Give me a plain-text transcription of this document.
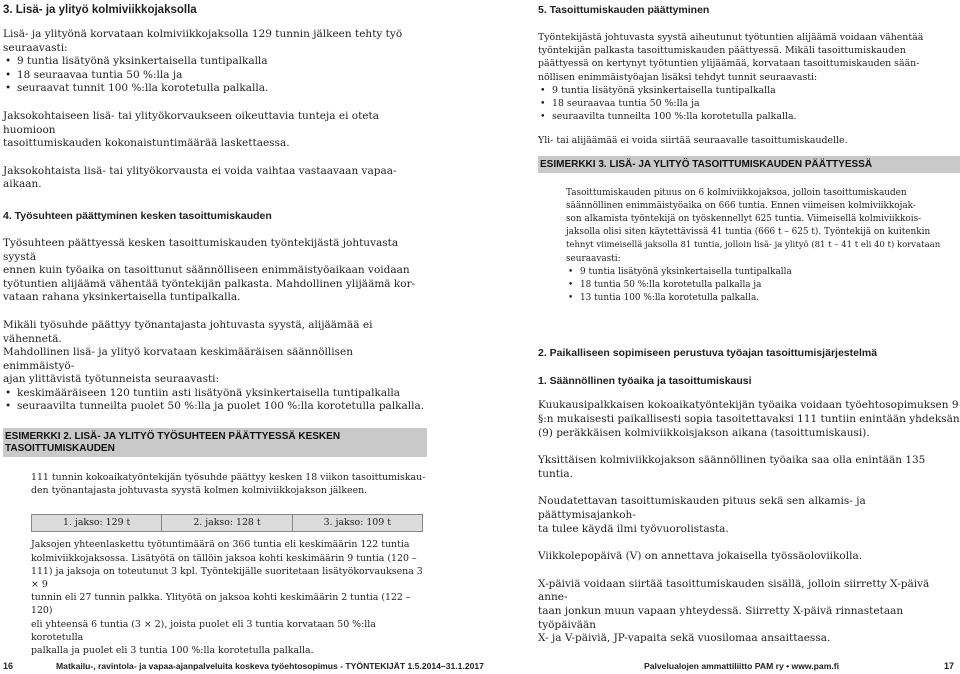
3. Lisä- ja ylityö kolmiviikkojaksolla

Lisä- ja ylityönä korvataan kolmiviikkojaksolla 129 tunnin jälkeen tehty työ

seuraavasti:

• 9 tuntia lisätyönä yksinkertaisella tuntipalkalla
• 18 seuraavaa tuntia 50 %:lla ja
• seuraavat tunnit 100 %:lla korotetulla palkalla.

Jaksokohtaiseen lisä- tai ylityökorvaukseen oikeuttavia tunteja ei oteta huomioon

tasoittumiskauden kokonaistuntimäärää laskettaessa.

Jaksokohtaista lisä- tai ylityökorvausta ei voida vaihtaa vastaavaan vapaa-aikaan.

4. Työsuhteen päättyminen kesken tasoittumiskauden

Työsuhteen päättyessä kesken tasoittumiskauden työntekijästä johtuvasta syystä

ennen kuin työaika on tasoittunut säännölliseen enimmäistyöaikaan voidaan

työtuntien alijäämä vähentää työntekijän palkasta. Mahdollinen ylijäämä kor-

vataan rahana yksinkertaisella tuntipalkalla.

Mikäli työsuhde päättyy työnantajasta johtuvasta syystä, alijäämää ei vähennetä.

Mahdollinen lisä- ja ylityö korvataan keskimääräisen säännöllisen enimmäistyö-

ajan ylittävistä työtunneista seuraavasti:

• keskimääräiseen 120 tuntiin asti lisätyönä yksinkertaisella tuntipalkalla
• seuraavilta tunneilta puolet 50 %:lla ja puolet 100 %:lla korotetulla palkalla.
ESIMERKKI 2. LISÄ- JA YLITYÖ TYÖSUHTEEN PÄÄTTYESSÄ KESKEN
TASOITTUMISKAUDEN

111 tunnin kokoaikatyöntekijän työsuhde päättyy kesken 18 viikon tasoittumiskau-

den työnantajasta johtuvasta syystä kolmen kolmiviikkojakson jälkeen.

1. jakso: 129 t	2. jakso: 128 t	3. jakso: 109 t

Jaksojen yhteenlaskettu työtuntimäärä on 366 tuntia eli keskimäärin 122 tuntia

kolmiviikkojaksossa. Lisätyötä on tällöin jaksoa kohti keskimäärin 9 tuntia (120 –

111) ja jaksoja on toteutunut 3 kpl. Työntekijälle suoritetaan lisätyökorvauksena 3 × 9

tunnin eli 27 tunnin palkka. Ylityötä on jaksoa kohti keskimäärin 2 tuntia (122 – 120)

eli yhteensä 6 tuntia (3 × 2), joista puolet eli 3 tuntia korvataan 50 %:lla korotetulla

palkalla ja puolet eli 3 tuntia 100 %:lla korotetulla palkalla.

5. Tasoittumiskauden päättyminen

Työntekijästä johtuvasta syystä aiheutunut työtuntien alijäämä voidaan vähentää

työntekijän palkasta tasoittumiskauden päättyessä. Mikäli tasoittumiskauden

päättyessä on kertynyt työtuntien ylijäämää, korvataan tasoittumiskauden sään-

nöllisen enimmäistyöajan lisäksi tehdyt tunnit seuraavasti:

• 9 tuntia lisätyönä yksinkertaisella tuntipalkalla
• 18 seuraavaa tuntia 50 %:lla ja
• seuraavilta tunneilta 100 %:lla korotetulla palkalla.

Yli- tai alijäämää ei voida siirtää seuraavalle tasoittumiskaudelle.

ESIMERKKI 3. LISÄ- JA YLITYÖ TASOITTUMISKAUDEN PÄÄTTYESSÄ

Tasoittumiskauden pituus on 6 kolmiviikkojaksoa, jolloin tasoittumiskauden

säännöllinen enimmäistyöaika on 666 tuntia. Ennen viimeisen kolmiviikkojak-

son alkamista työntekijä on työskennellyt 625 tuntia. Viimeisellä kolmiviikkois-

jaksolla olisi siten käytettävissä 41 tuntia (666 t – 625 t). Työntekijä on kuitenkin

tehnyt viimeisellä jaksolla 81 tuntia, jolloin lisä- ja ylityö (81 t – 41 t eli 40 t) korvataan

seuraavasti:

• 9 tuntia lisätyönä yksinkertaisella tuntipalkalla
• 18 tuntia 50 %:lla korotetulla palkalla ja
• 13 tuntia 100 %:lla korotetulla palkalla.
2. Paikalliseen sopimiseen perustuva työajan tasoittumisjärjestelmä
1. Säännöllinen työaika ja tasoittumiskausi

Kuukausipalkkaisen kokoaikatyöntekijän työaika voidaan työehtosopimuksen 9

§:n mukaisesti paikallisesti sopia tasoitettavaksi 111 tuntiin enintään yhdeksän

(9) peräkkäisen kolmiviikkoisjakson aikana (tasoittumiskausi).

Yksittäisen kolmiviikkojakson säännöllinen työaika saa olla enintään 135 tuntia.

Noudatettavan tasoittumiskauden pituus sekä sen alkamis- ja päättymisajankoh-

ta tulee käydä ilmi työvuorolistasta.

Viikkolepopäivä (V) on annettava jokaisella työssäoloviikolla.

X-päiviä voidaan siirtää tasoittumiskauden sisällä, jolloin siirretty X-päivä anne-

taan jonkun muun vapaan yhteydessä. Siirretty X-päivä rinnastetaan työpäivään

X- ja V-päiviä, JP-vapaita sekä vuosilomaa ansaittaessa.

16	Matkailu-, ravintola- ja vapaa-ajanpalveluita koskeva työehtosopimus - TYÖNTEKIJÄT 1.5.2014–31.1.2017	Palvelualojen ammattiliitto PAM ry • www.pam.fi	17
